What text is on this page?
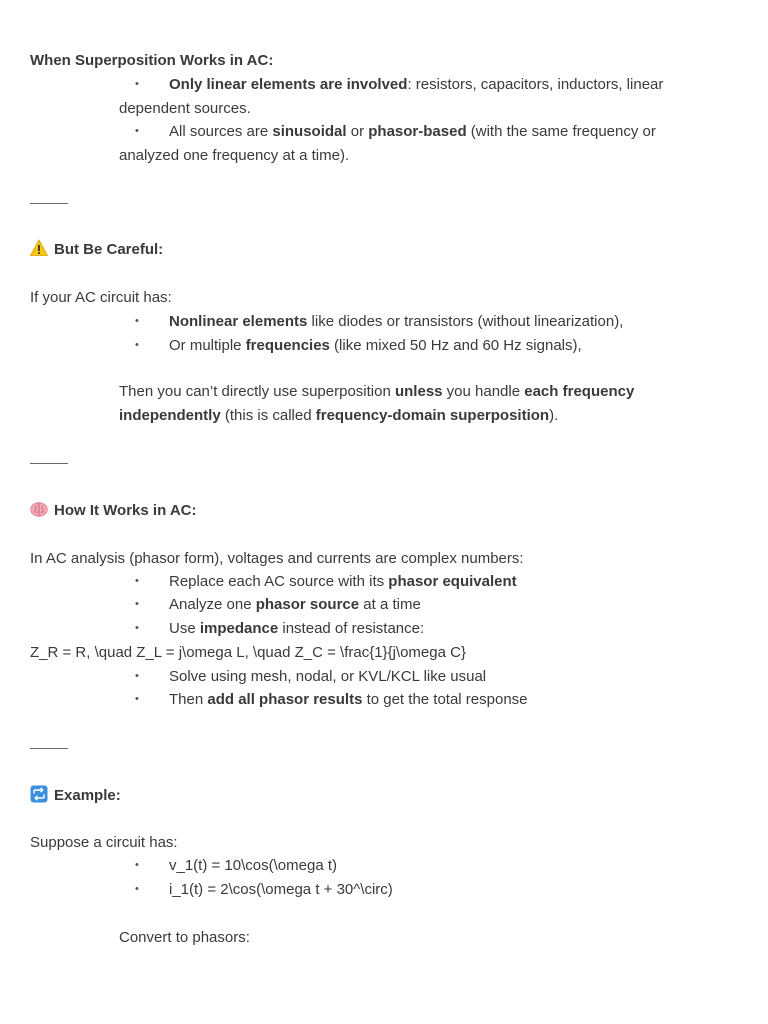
When Superposition Works in AC:
•	Only linear elements are involved: resistors, capacitors, inductors, linear
dependent sources.
•	All sources are sinusoidal or phasor-based (with the same frequency or
analyzed one frequency at a time).
But Be Careful:
If your AC circuit has:
•	Nonlinear elements like diodes or transistors (without linearization),
•	Or multiple frequencies (like mixed 50 Hz and 60 Hz signals),
Then you can’t directly use superposition unless you handle each frequency
independently (this is called frequency-domain superposition).
How It Works in AC:
In AC analysis (phasor form), voltages and currents are complex numbers:
•	Replace each AC source with its phasor equivalent
•	Analyze one phasor source at a time
•	Use impedance instead of resistance:
Z_R = R, \quad Z_L = j\omega L, \quad Z_C = \frac{1}{j\omega C}
•	Solve using mesh, nodal, or KVL/KCL like usual
•	Then add all phasor results to get the total response
Example:
Suppose a circuit has:
•	v_1(t) = 10\cos(\omega t)
•	i_1(t) = 2\cos(\omega t + 30^\circ)
Convert to phasors:
